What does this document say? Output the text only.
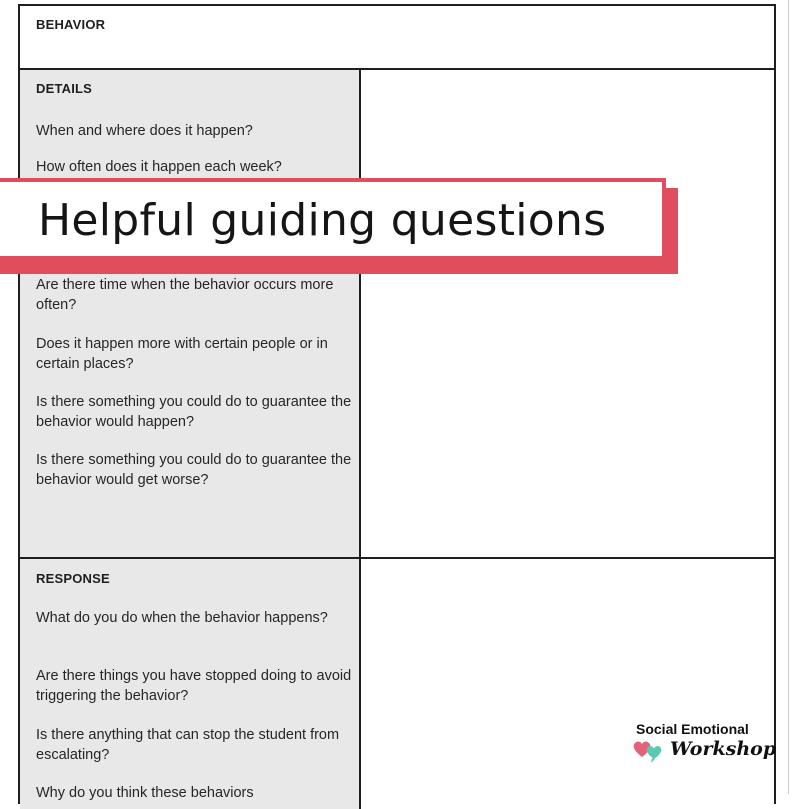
BEHAVIOR
DETAILS
When and where does it happen?
How often does it happen each week?
Are there time when the behavior occurs more often?
Does it happen more with certain people or in certain places?
Is there something you could do to guarantee the behavior would happen?
Is there something you could do to guarantee the behavior would get worse?
RESPONSE
What do you do when the behavior happens?
Are there things you have stopped doing to avoid triggering the behavior?
Is there anything that can stop the student from escalating?
Why do you think these behaviors
Helpful guiding questions
Social Emotional
Workshop
